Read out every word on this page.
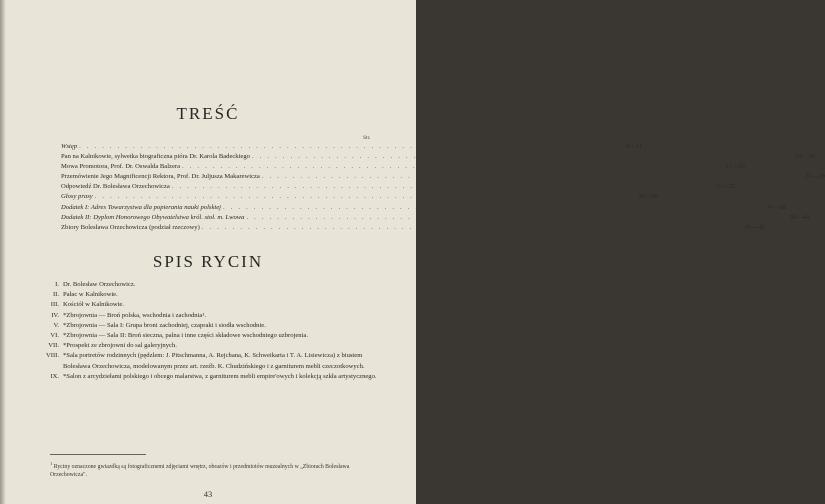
TREŚĆ
Str.
Wstęp . . . . . . . . . . . . . . . . . . . . . . . . . . . . . . . . . . . . . . . . . . . . . . . . . . . . . . . . . . . . . . . . . . . . . .	9—11
Pan na Kalnikowie, sylwetka biograficzna pióra Dr. Karola Badeckiego . . . . . . . . . . . . . . . . . . . . . . . . . . . . . . . . . . . . . . . . . . . . . . . . . . . . . . . . . . . . . . . . . . . . . .	13—20
Mowa Promotora, Prof. Dr. Oswalda Balzera . . . . . . . . . . . . . . . . . . . . . . . . . . . . . . . . . . . . . . . . . . . . . . . . . . . . . . . . . . . . . . . . . . . . . .	21—25
Przemówienie Jego Magnificencji Rektora, Prof. Dr. Juljusza Makarewicza . . . . . . . . . . . . . . . . . . . . . . . . . . . . . . . . . . . . . . . . . . . . . . . . . . . . . . . . . . . . . . . . . . . . . .	27—29
Odpowiedź Dr. Bolesława Orzechowicza . . . . . . . . . . . . . . . . . . . . . . . . . . . . . . . . . . . . . . . . . . . . . . . . . . . . . . . . . . . . . . . . . . . . . .	31—32
Głosy prasy . . . . . . . . . . . . . . . . . . . . . . . . . . . . . . . . . . . . . . . . . . . . . . . . . . . . . . . . . . . . . . . . . . . . . .	33—36
Dodatek I: Adres Towarzystwa dla popierania nauki polskiej . . . . . . . . . . . . . . . . . . . . . . . . . . . . . . . . . . . . . . . . . . . . . . . . . . . . . . . . . . . . . . . . . . . . . .	37—38
Dodatek II: Dyplom Honorowego Obywatelstwa król. stoł. m. Lwowa . . . . . . . . . . . . . . . . . . . . . . . . . . . . . . . . . . . . . . . . . . . . . . . . . . . . . . . . . . . . . . . . . . . . . .	39—40
Zbiory Bolesława Orzechowicza (podział rzeczowy) . . . . . . . . . . . . . . . . . . . . . . . . . . . . . . . . . . . . . . . . . . . . . . . . . . . . . . . . . . . . . . . . . . . . . .	41—42
SPIS RYCIN
I. Dr. Bolesław Orzechowicz.
II. Pałac w Kalnikowie.
III. Kościół w Kalnikowie.
IV. *Zbrojownia — Broń polska, wschodnia i zachodnia¹.
V. *Zbrojownia — Sala I: Grupa broni zachodniej, czapraki i siodła wschodnie.
VI. *Zbrojownia — Sala II: Broń sieczna, palna i inne części składowe wschodniego uzbrojenia.
VII. *Prospekt ze zbrojowni do sal galeryjnych.
VIII. *Sala portretów rodzinnych (pędzlem: J. Pitschmanna, A. Rejchana, K. Schweikarta i T. A. Lisiewicza) z biustem Bolesława Orzechowicza, modelowanym przez art. rzeźb. K. Chudzińskiego i z garniturem mebli czeczotkowych.
IX. *Salon z arcydziełami polskiego i obcego malarstwa, z garniturem mebli empire'owych i kolekcją szkła artystycznego.
$^1$ Ryciny oznaczone gwiazdką są fotograficznemi zdjęciami wnętrz, obrazów i przedmiotów muzealnych w „Zbiorach Bolesława Orzechowicza".
43
